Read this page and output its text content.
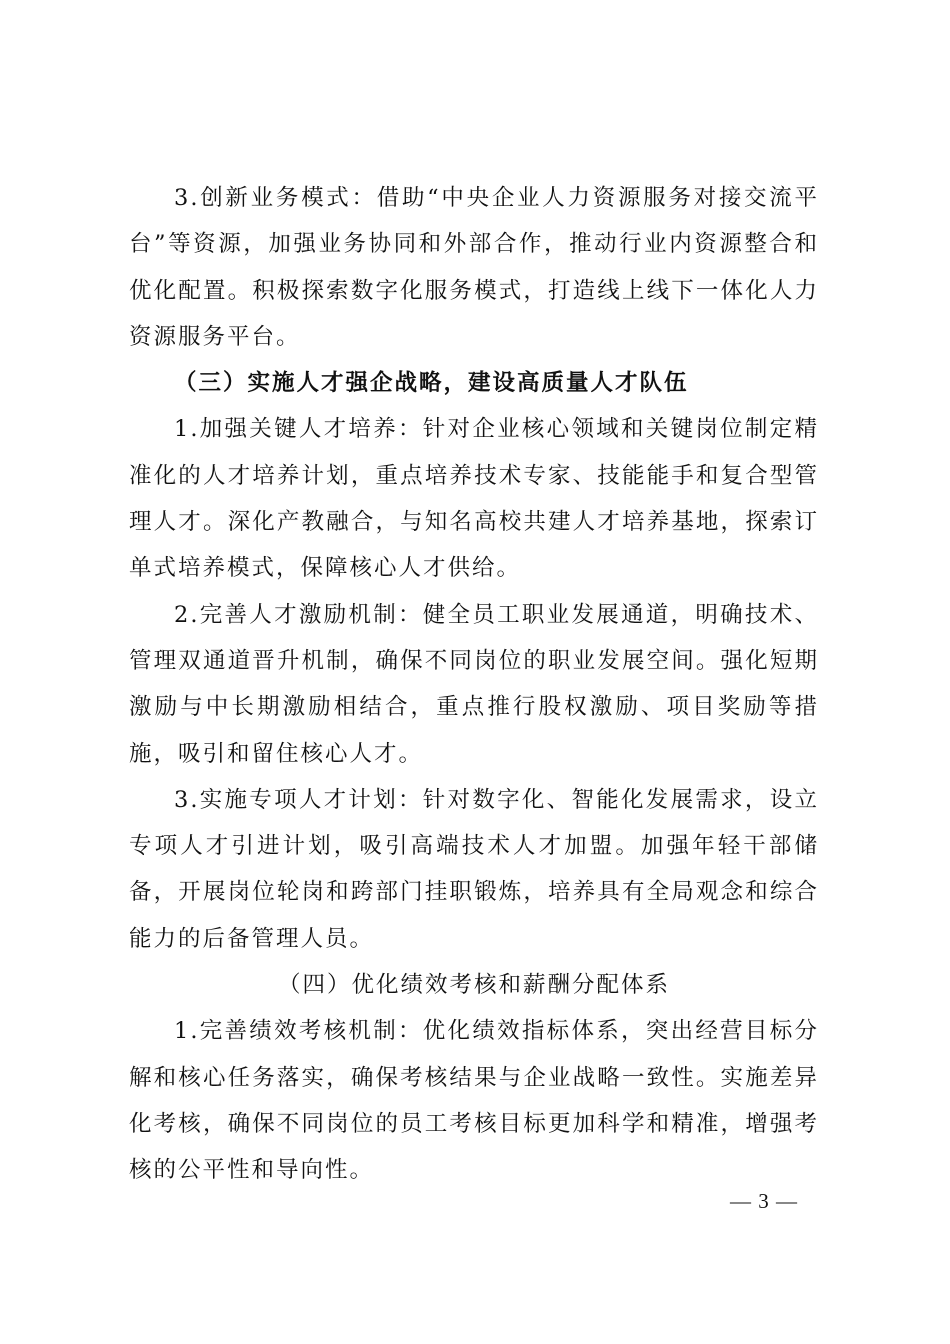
3.创新业务模式：借助“中央企业人力资源服务对接交流平台”等资源，加强业务协同和外部合作，推动行业内资源整合和优化配置。积极探索数字化服务模式，打造线上线下一体化人力资源服务平台。

（三）实施人才强企战略，建设高质量人才队伍

1.加强关键人才培养：针对企业核心领域和关键岗位制定精准化的人才培养计划，重点培养技术专家、技能能手和复合型管理人才。深化产教融合，与知名高校共建人才培养基地，探索订单式培养模式，保障核心人才供给。

2.完善人才激励机制：健全员工职业发展通道，明确技术、管理双通道晋升机制，确保不同岗位的职业发展空间。强化短期激励与中长期激励相结合，重点推行股权激励、项目奖励等措施，吸引和留住核心人才。

3.实施专项人才计划：针对数字化、智能化发展需求，设立专项人才引进计划，吸引高端技术人才加盟。加强年轻干部储备，开展岗位轮岗和跨部门挂职锻炼，培养具有全局观念和综合能力的后备管理人员。

（四）优化绩效考核和薪酬分配体系

1.完善绩效考核机制：优化绩效指标体系，突出经营目标分解和核心任务落实，确保考核结果与企业战略一致性。实施差异化考核，确保不同岗位的员工考核目标更加科学和精准，增强考核的公平性和导向性。

— 3 —
